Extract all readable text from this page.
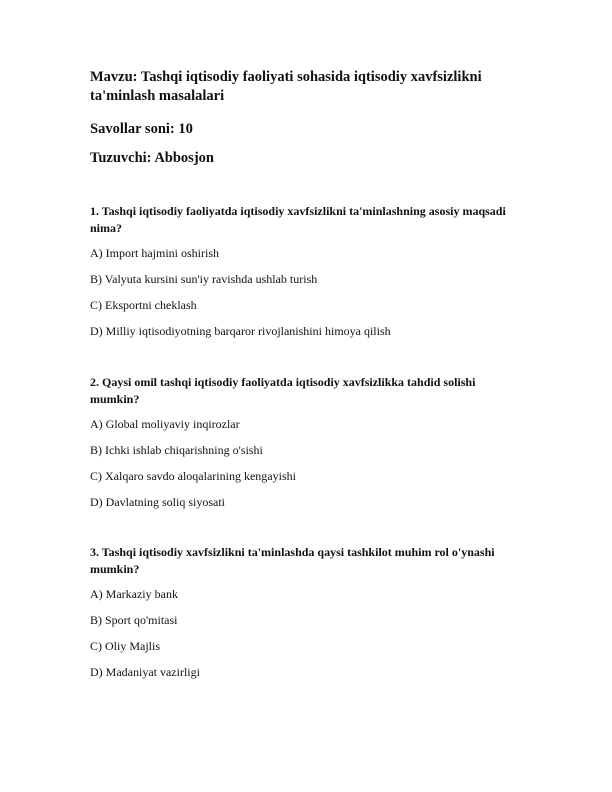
Mavzu: Tashqi iqtisodiy faoliyati sohasida iqtisodiy xavfsizlikni ta'minlash masalalari

Savollar soni: 10

Tuzuvchi: Abbosjon

1. Tashqi iqtisodiy faoliyatda iqtisodiy xavfsizlikni ta'minlashning asosiy maqsadi nima?

A) Import hajmini oshirish
B) Valyuta kursini sun'iy ravishda ushlab turish
C) Eksportni cheklash
D) Milliy iqtisodiyotning barqaror rivojlanishini himoya qilish

2. Qaysi omil tashqi iqtisodiy faoliyatda iqtisodiy xavfsizlikka tahdid solishi mumkin?

A) Global moliyaviy inqirozlar
B) Ichki ishlab chiqarishning o'sishi
C) Xalqaro savdo aloqalarining kengayishi
D) Davlatning soliq siyosati

3. Tashqi iqtisodiy xavfsizlikni ta'minlashda qaysi tashkilot muhim rol o'ynashi mumkin?

A) Markaziy bank
B) Sport qo'mitasi
C) Oliy Majlis
D) Madaniyat vazirligi
